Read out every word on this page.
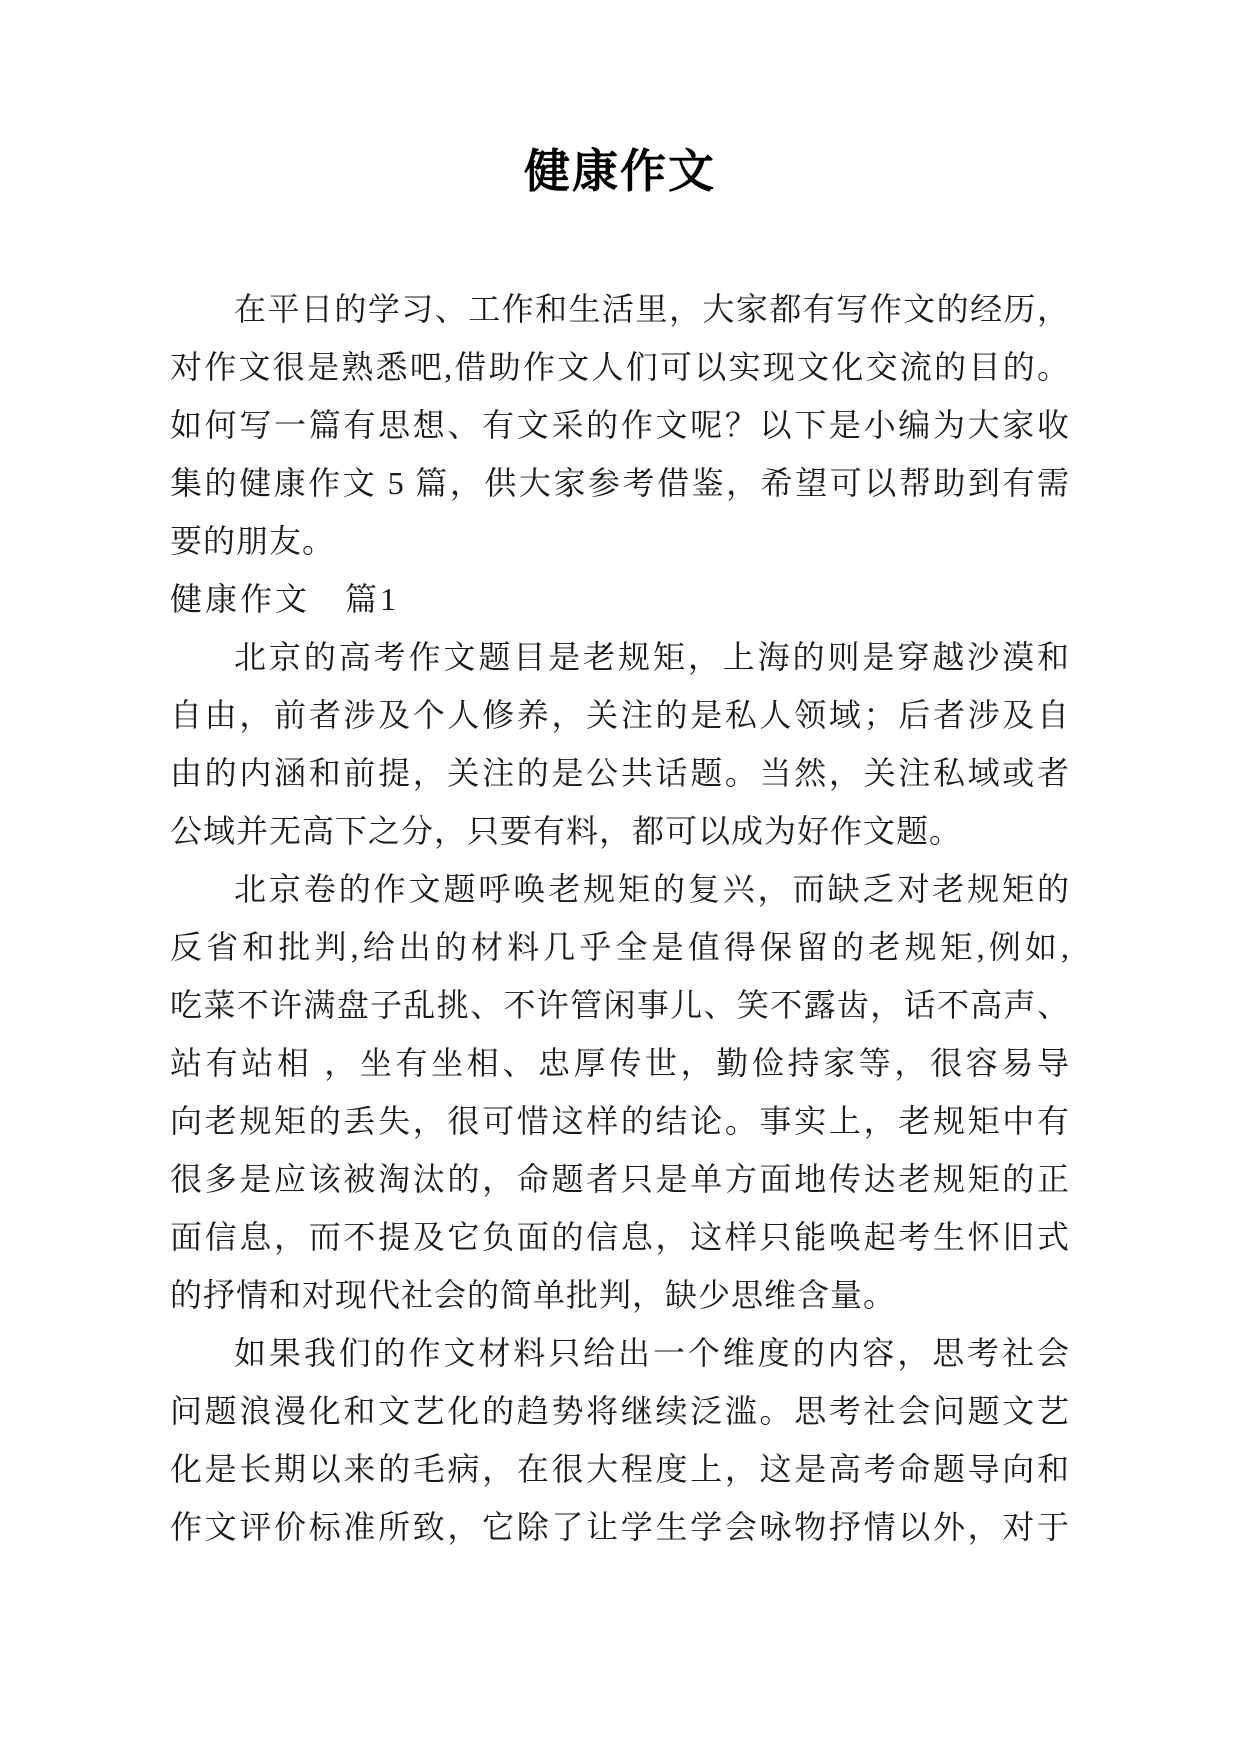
健康作文
在平日的学习、工作和生活里，大家都有写作文的经历，
对作文很是熟悉吧,借助作文人们可以实现文化交流的目的。
如何写一篇有思想、有文采的作文呢？以下是小编为大家收
集的健康作文 5 篇，供大家参考借鉴，希望可以帮助到有需
要的朋友。
健康作文　篇1
北京的高考作文题目是老规矩，上海的则是穿越沙漠和
自由，前者涉及个人修养，关注的是私人领域；后者涉及自
由的内涵和前提，关注的是公共话题。当然，关注私域或者
公域并无高下之分，只要有料，都可以成为好作文题。
北京卷的作文题呼唤老规矩的复兴，而缺乏对老规矩的
反省和批判,给出的材料几乎全是值得保留的老规矩,例如,
吃菜不许满盘子乱挑、不许管闲事儿、笑不露齿，话不高声、
站有站相 ，坐有坐相、忠厚传世，勤俭持家等，很容易导
向老规矩的丢失，很可惜这样的结论。事实上，老规矩中有
很多是应该被淘汰的，命题者只是单方面地传达老规矩的正
面信息，而不提及它负面的信息，这样只能唤起考生怀旧式
的抒情和对现代社会的简单批判，缺少思维含量。
如果我们的作文材料只给出一个维度的内容，思考社会
问题浪漫化和文艺化的趋势将继续泛滥。思考社会问题文艺
化是长期以来的毛病，在很大程度上，这是高考命题导向和
作文评价标准所致，它除了让学生学会咏物抒情以外，对于
